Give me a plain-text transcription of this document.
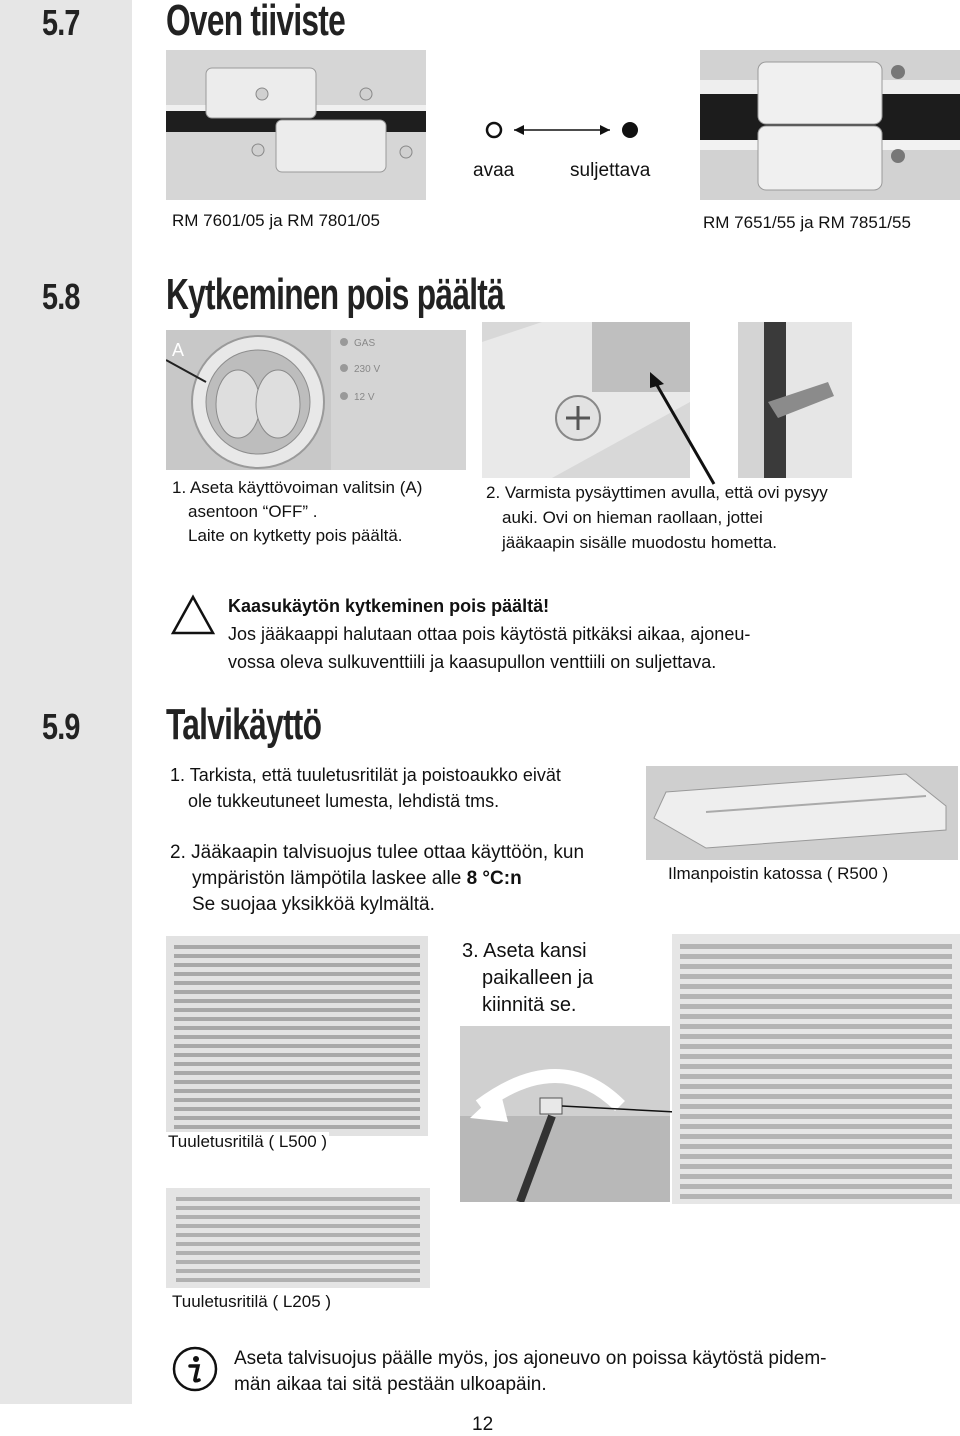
5.7 Oven tiiviste
avaa	suljettava
RM 7601/05 ja RM 7801/05	RM 7651/55 ja RM 7851/55
5.8 Kytkeminen pois päältä
GAS
230 V
12 V
A
1. Aseta käyttövoiman valitsin (A)
asentoon “OFF” .
Laite on kytketty pois päältä.
2. Varmista pysäyttimen avulla, että ovi pysyy
auki. Ovi on hieman raollaan, jottei
jääkaapin sisälle muodostu hometta.
Kaasukäytön kytkeminen pois päältä!
Jos jääkaappi halutaan ottaa pois käytöstä pitkäksi aikaa, ajoneu-
vossa oleva sulkuventtiili ja kaasupullon venttiili on suljettava.
5.9 Talvikäyttö
1. Tarkista, että tuuletusritilät ja poistoaukko eivät
ole tukkeutuneet lumesta, lehdistä tms.
2. Jääkaapin talvisuojus tulee ottaa käyttöön, kun
ympäristön lämpötila laskee alle 8 °C:n
Se suojaa yksikköä kylmältä.
Ilmanpoistin katossa ( R500 )
Tuuletusritilä ( L500 )
3. Aseta kansi
paikalleen ja
kiinnitä se.
Tuuletusritilä ( L205 )
Aseta talvisuojus päälle myös, jos ajoneuvo on poissa käytöstä pidem-
män aikaa tai sitä pestään ulkoapäin.
12
